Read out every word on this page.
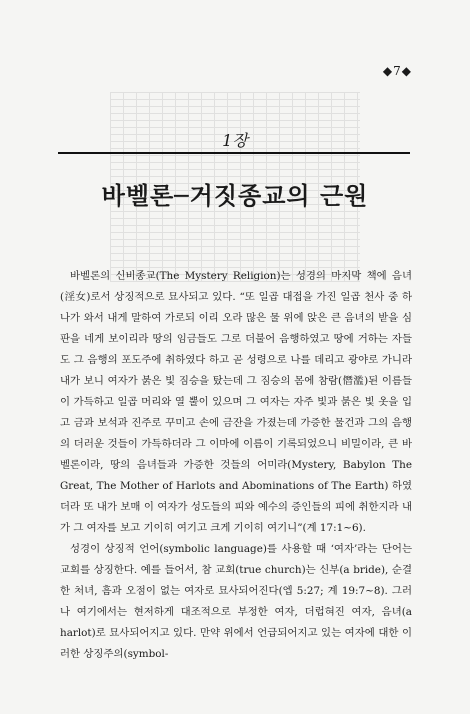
◆7◆
1장
바벨론─거짓종교의 근원

바벨론의 신비종교(The Mystery Religion)는 성경의 마지막 책에 음녀(淫女)로서 상징적으로 묘사되고 있다. “또 일곱 대접을 가진 일곱 천사 중 하나가 와서 내게 말하여 가로되 이리 오라 많은 물 위에 앉은 큰 음녀의 받을 심판을 네게 보이리라 땅의 임금들도 그로 더불어 음행하였고 땅에 거하는 자들도 그 음행의 포도주에 취하였다 하고 곧 성령으로 나를 데리고 광야로 가니라 내가 보니 여자가 붉은 빛 짐승을 탔는데 그 짐승의 몸에 참람(僭濫)된 이름들이 가득하고 일곱 머리와 열 뿔이 있으며 그 여자는 자주 빛과 붉은 빛 옷을 입고 금과 보석과 진주로 꾸미고 손에 금잔을 가졌는데 가증한 물건과 그의 음행의 더러운 것들이 가득하더라 그 이마에 이름이 기록되었으니 비밀이라, 큰 바벨론이라, 땅의 음녀들과 가증한 것들의 어미라(Mystery, Babylon The Great, The Mother of Harlots and Abominations of The Earth) 하였더라 또 내가 보매 이 여자가 성도들의 피와 예수의 증인들의 피에 취한지라 내가 그 여자를 보고 기이히 여기고 크게 기이히 여기니”(계 17:1~6).

성경이 상징적 언어(symbolic language)를 사용할 때 ‘여자’라는 단어는 교회를 상징한다. 예를 들어서, 참 교회(true church)는 신부(a bride), 순결한 처녀, 흠과 오점이 없는 여자로 묘사되어진다(엡 5:27; 계 19:7~8). 그러나 여기에서는 현저하게 대조적으로 부정한 여자, 더럽혀진 여자, 음녀(a harlot)로 묘사되어지고 있다. 만약 위에서 언급되어지고 있는 여자에 대한 이러한 상징주의(symbol-
